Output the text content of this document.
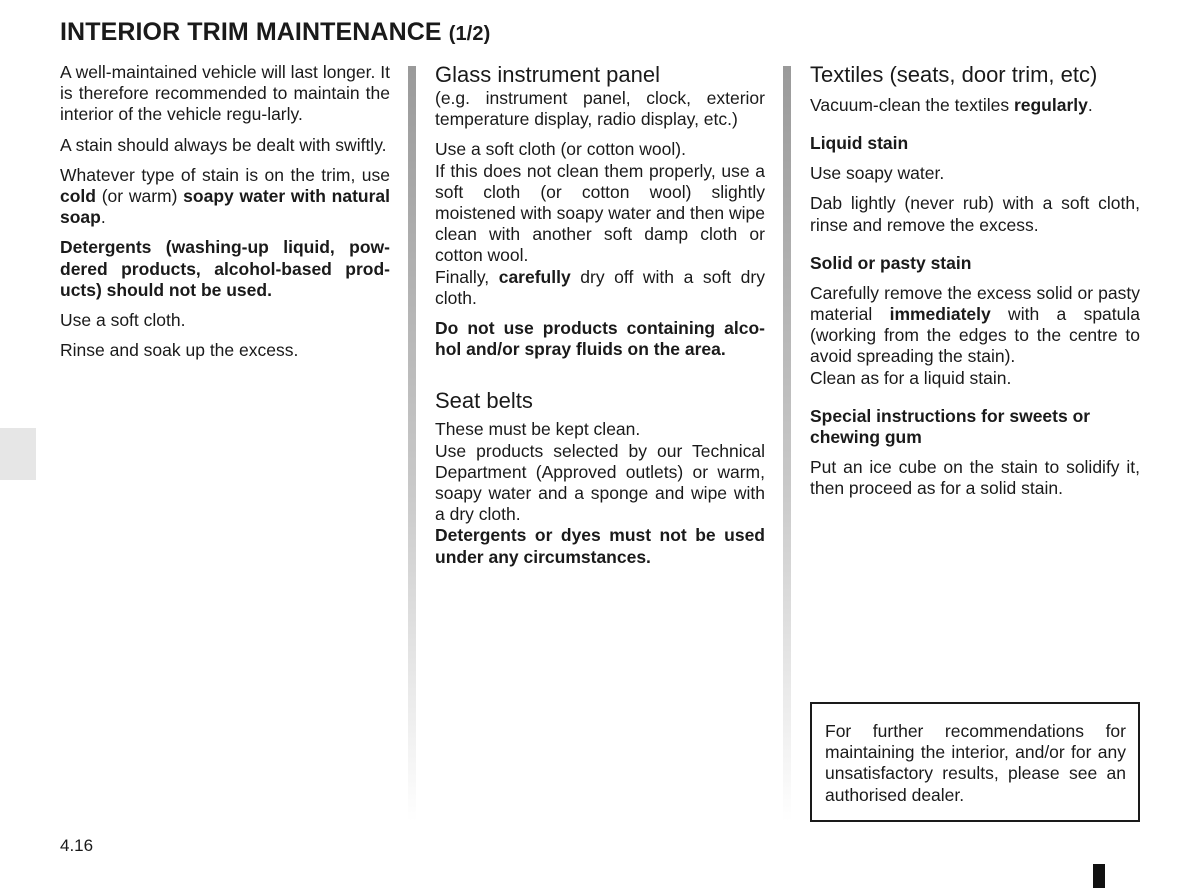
INTERIOR TRIM MAINTENANCE (1/2)

A well-maintained vehicle will last longer. It is therefore recommended to maintain the interior of the vehicle regu-larly.

A stain should always be dealt with swiftly.

Whatever type of stain is on the trim, use cold (or warm) soapy water with natural soap.

Detergents (washing-up liquid, pow-dered products, alcohol-based prod-ucts) should not be used.

Use a soft cloth.

Rinse and soak up the excess.

Glass instrument panel

(e.g. instrument panel, clock, exterior temperature display, radio display, etc.)

Use a soft cloth (or cotton wool).

If this does not clean them properly, use a soft cloth (or cotton wool) slightly moistened with soapy water and then wipe clean with another soft damp cloth or cotton wool.

Finally, carefully dry off with a soft dry cloth.

Do not use products containing alco-hol and/or spray fluids on the area.

Seat belts

These must be kept clean.

Use products selected by our Technical Department (Approved outlets) or warm, soapy water and a sponge and wipe with a dry cloth.

Detergents or dyes must not be used under any circumstances.

Textiles (seats, door trim, etc)

Vacuum-clean the textiles regularly.

Liquid stain

Use soapy water.

Dab lightly (never rub) with a soft cloth, rinse and remove the excess.

Solid or pasty stain

Carefully remove the excess solid or pasty material immediately with a spatula (working from the edges to the centre to avoid spreading the stain).

Clean as for a liquid stain.

Special instructions for sweets or chewing gum

Put an ice cube on the stain to solidify it, then proceed as for a solid stain.

For further recommendations for maintaining the interior, and/or for any unsatisfactory results, please see an authorised dealer.
4.16
